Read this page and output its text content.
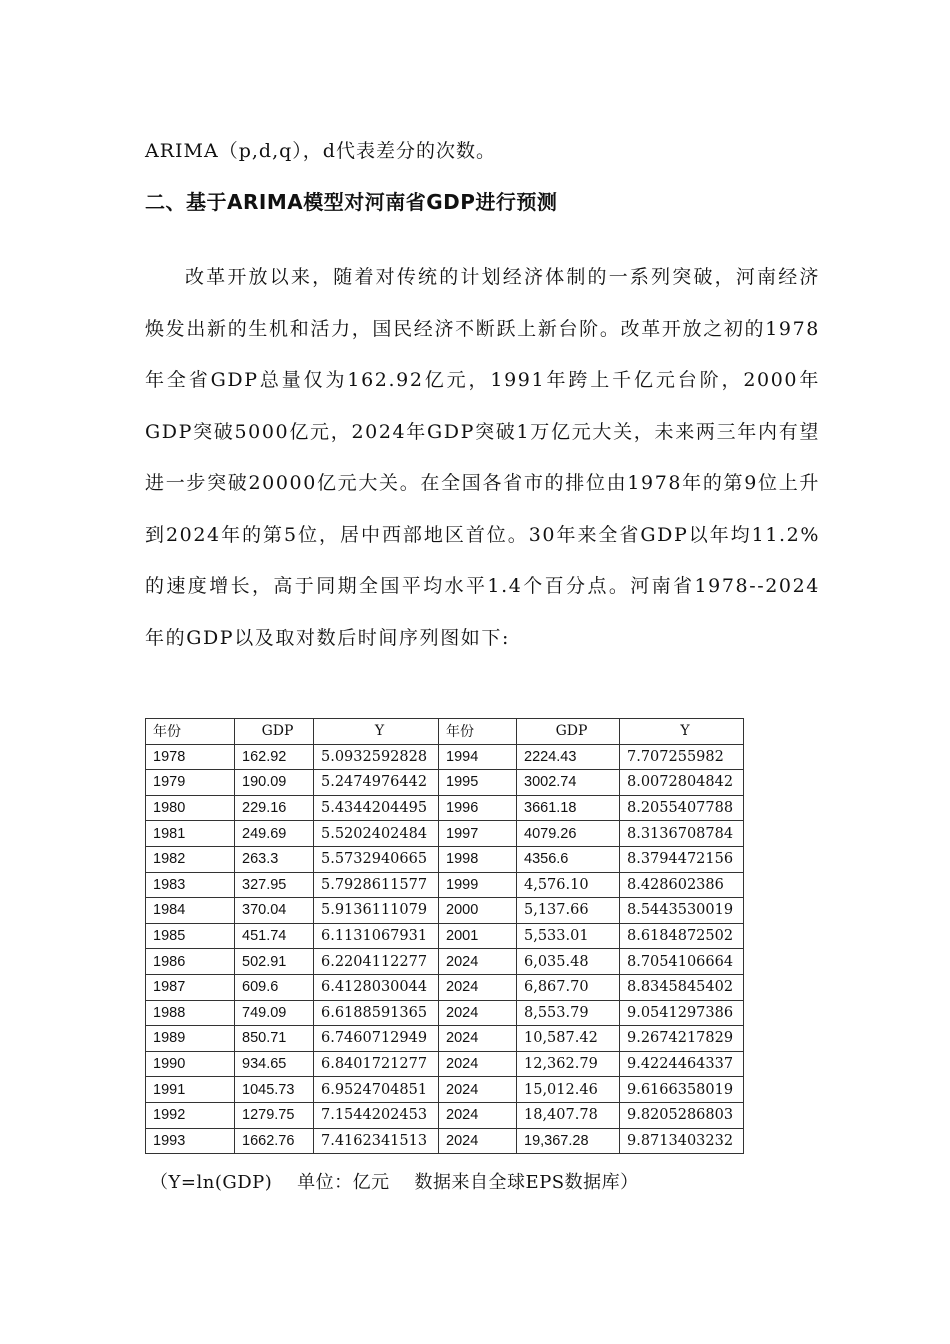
ARIMA（p,d,q），d代表差分的次数。
二、基于ARIMA模型对河南省GDP进行预测
改革开放以来，随着对传统的计划经济体制的一系列突破，河南经济焕发出新的生机和活力，国民经济不断跃上新台阶。改革开放之初的1978年全省GDP总量仅为162.92亿元，1991年跨上千亿元台阶，2000年GDP突破5000亿元，2024年GDP突破1万亿元大关，未来两三年内有望进一步突破20000亿元大关。在全国各省市的排位由1978年的第9位上升到2024年的第5位，居中西部地区首位。30年来全省GDP以年均11.2%的速度增长，高于同期全国平均水平1.4个百分点。河南省1978--2024年的GDP以及取对数后时间序列图如下:
年份	GDP	Y	年份	GDP	Y
1978	162.92	5.0932592828	1994	2224.43	7.707255982
1979	190.09	5.2474976442	1995	3002.74	8.0072804842
1980	229.16	5.4344204495	1996	3661.18	8.2055407788
1981	249.69	5.5202402484	1997	4079.26	8.3136708784
1982	263.3	5.5732940665	1998	4356.6	8.3794472156
1983	327.95	5.7928611577	1999	4,576.10	8.428602386
1984	370.04	5.9136111079	2000	5,137.66	8.5443530019
1985	451.74	6.1131067931	2001	5,533.01	8.6184872502
1986	502.91	6.2204112277	2024	6,035.48	8.7054106664
1987	609.6	6.4128030044	2024	6,867.70	8.8345845402
1988	749.09	6.6188591365	2024	8,553.79	9.0541297386
1989	850.71	6.7460712949	2024	10,587.42	9.2674217829
1990	934.65	6.8401721277	2024	12,362.79	9.4224464337
1991	1045.73	6.9524704851	2024	15,012.46	9.6166358019
1992	1279.75	7.1544202453	2024	18,407.78	9.8205286803
1993	1662.76	7.4162341513	2024	19,367.28	9.8713403232
（Y=ln(GDP)    单位：亿元    数据来自全球EPS数据库）
